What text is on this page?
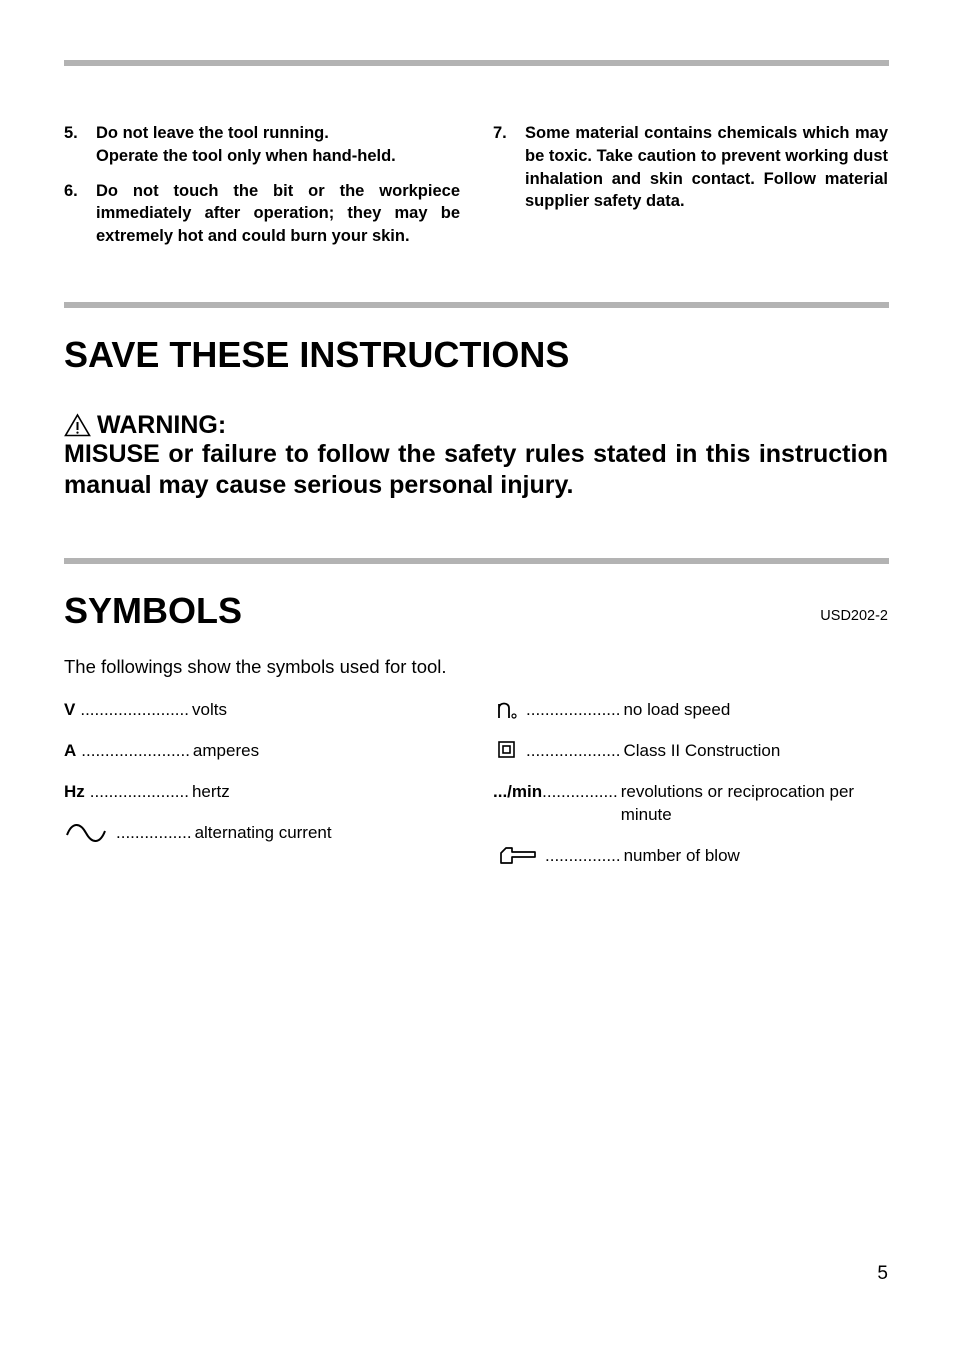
5.	Do not leave the tool running.
Operate the tool only when hand-held.
6.	Do not touch the bit or the workpiece immediately after operation; they may be extremely hot and could burn your skin.
7.	Some material contains chemicals which may be toxic. Take caution to prevent working dust inhalation and skin contact. Follow material supplier safety data.
SAVE THESE INSTRUCTIONS
WARNING:
MISUSE or failure to follow the safety rules stated in this instruction manual may cause serious personal injury.
SYMBOLS	USD202-2
The followings show the symbols used for tool.
V ....................... volts
A ....................... amperes
Hz ..................... hertz
................ alternating current
.................... no load speed
.................... Class II Construction
.../min ................ revolutions or reciprocation per
minute
................ number of blow
5
